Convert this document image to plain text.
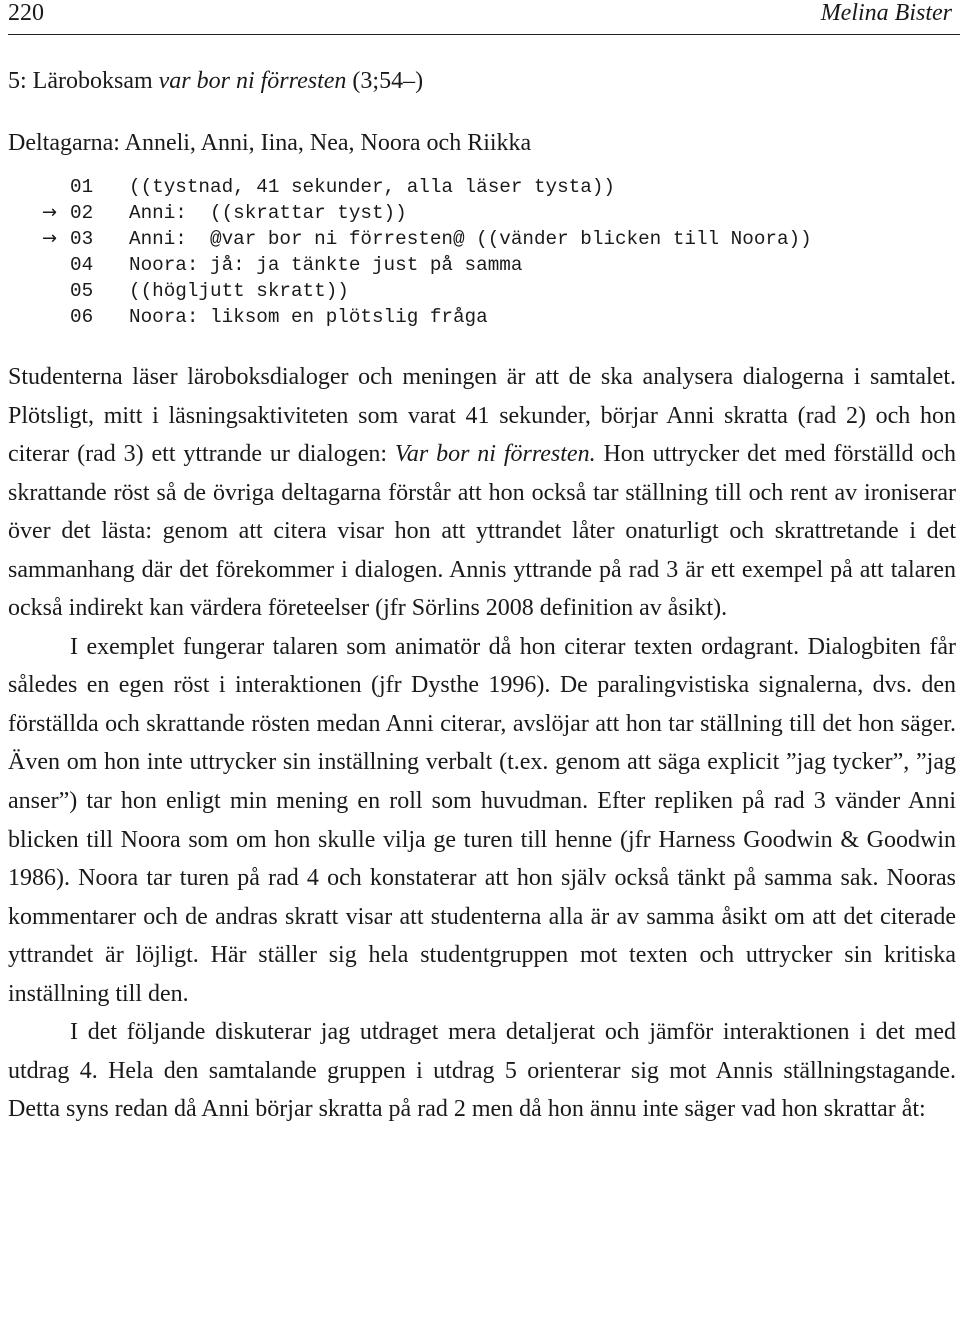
220	Melina Bister
5: Läroboksam var bor ni förresten (3;54–)
Deltagarna: Anneli, Anni, Iina, Nea, Noora och Riikka
01 ((tystnad, 41 sekunder, alla läser tysta))
→ 02 Anni:  ((skrattar tyst))
→ 03 Anni:  @var bor ni förresten@ ((vänder blicken till Noora))
04 Noora: jå: ja tänkte just på samma
05 ((högljutt skratt))
06 Noora: liksom en plötslig fråga

Studenterna läser läroboksdialoger och meningen är att de ska analysera dialogerna i samtalet. Plötsligt, mitt i läsningsaktiviteten som varat 41 sekunder, börjar Anni skratta (rad 2) och hon citerar (rad 3) ett yttrande ur dialogen: Var bor ni förresten. Hon uttrycker det med förställd och skrattande röst så de övriga deltagarna förstår att hon också tar ställning till och rent av ironiserar över det lästa: genom att citera visar hon att yttrandet låter onaturligt och skrattretande i det sammanhang där det förekommer i dialogen. Annis yttrande på rad 3 är ett exempel på att talaren också indirekt kan värdera företeelser (jfr Sörlins 2008 definition av åsikt).

I exemplet fungerar talaren som animatör då hon citerar texten ordagrant. Dialogbiten får således en egen röst i interaktionen (jfr Dysthe 1996). De paralingvistiska signalerna, dvs. den förställda och skrattande rösten medan Anni citerar, avslöjar att hon tar ställning till det hon säger. Även om hon inte uttrycker sin inställning verbalt (t.ex. genom att säga explicit ”jag tycker”, ”jag anser”) tar hon enligt min mening en roll som huvudman. Efter repliken på rad 3 vänder Anni blicken till Noora som om hon skulle vilja ge turen till henne (jfr Harness Goodwin & Goodwin 1986). Noora tar turen på rad 4 och konstaterar att hon själv också tänkt på samma sak. Nooras kommentarer och de andras skratt visar att studenterna alla är av samma åsikt om att det citerade yttrandet är löjligt. Här ställer sig hela studentgruppen mot texten och uttrycker sin kritiska inställning till den.

I det följande diskuterar jag utdraget mera detaljerat och jämför interaktionen i det med utdrag 4. Hela den samtalande gruppen i utdrag 5 orienterar sig mot Annis ställningstagande. Detta syns redan då Anni börjar skratta på rad 2 men då hon ännu inte säger vad hon skrattar åt:
